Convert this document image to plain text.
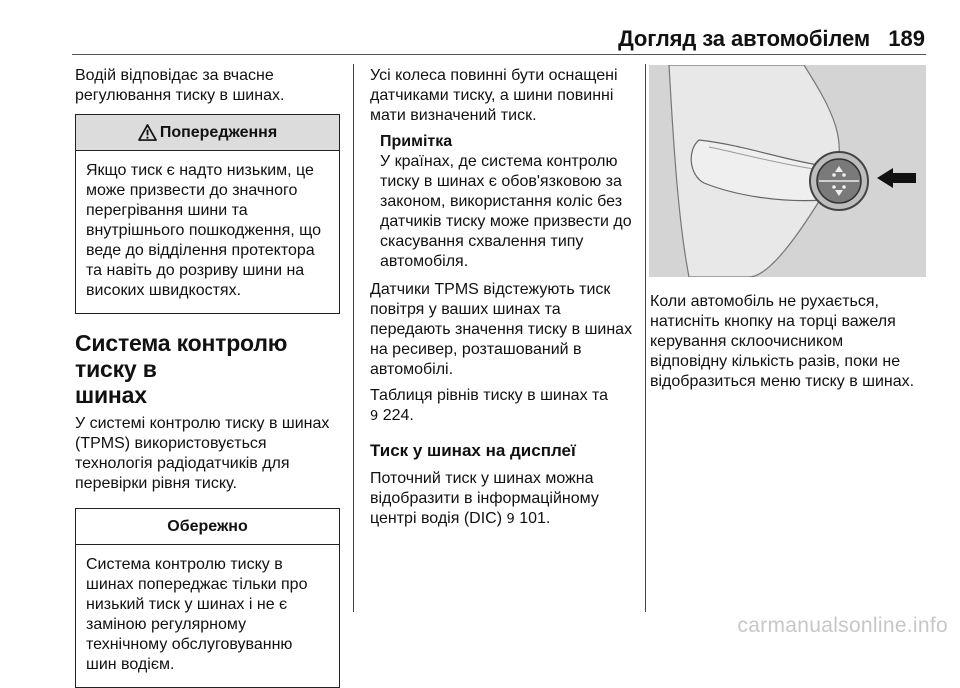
Догляд за автомобілем 189

Водій відповідає за вчасне
регулювання тиску в шинах.

Попередження
Якщо тиск є надто низьким, це
може призвести до значного
перегрівання шини та
внутрішнього пошкодження, що
веде до відділення протектора
та навіть до розриву шини на
високих швидкостях.
Система контролю тиску в
шинах

У системі контролю тиску в шинах
(TPMS) використовується
технологія радіодатчиків для
перевірки рівня тиску.

Обережно
Система контролю тиску в
шинах попереджає тільки про
низький тиск у шинах і не є
заміною регулярному
технічному обслуговуванню
шин водієм.

Усі колеса повинні бути оснащені
датчиками тиску, а шини повинні
мати визначений тиск.

Примітка

У країнах, де система контролю
тиску в шинах є обов'язковою за
законом, використання коліс без
датчиків тиску може призвести до
скасування схвалення типу
автомобіля.

Датчики TPMS відстежують тиск
повітря у ваших шинах та
передають значення тиску в шинах
на ресивер, розташований в
автомобілі.

Таблиця рівнів тиску в шинах та
9 224.

Тиск у шинах на дисплеї

Поточний тиск у шинах можна
відобразити в інформаційному
центрі водія (DIC) 9 101.

Коли автомобіль не рухається,
натисніть кнопку на торці важеля
керування склоочисником
відповідну кількість разів, поки не
відобразиться меню тиску в шинах.

carmanualsonline.info
